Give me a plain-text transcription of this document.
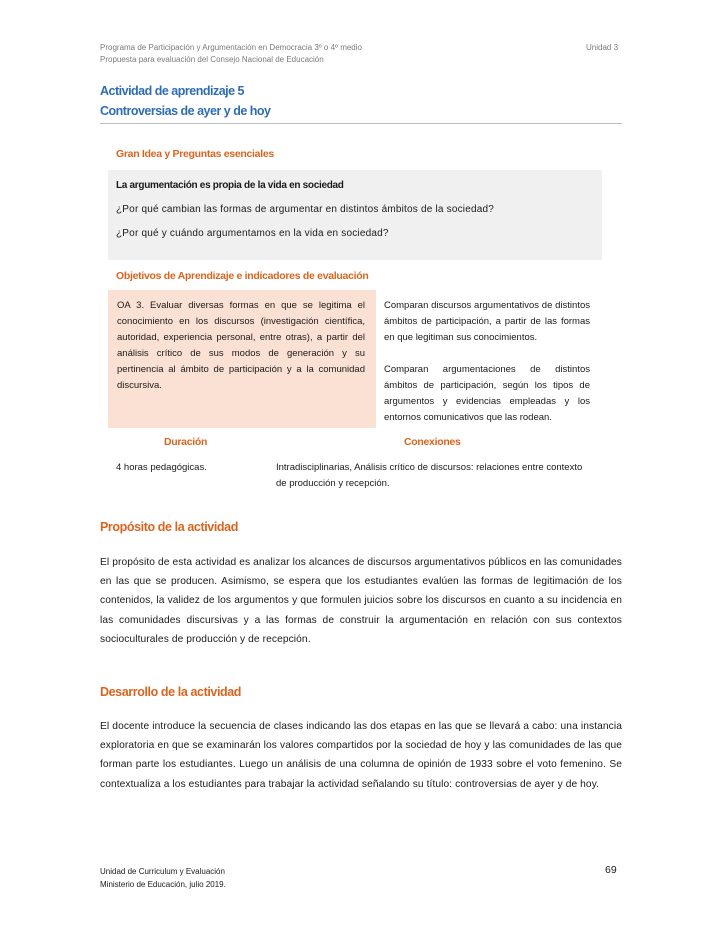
Programa de Participación y Argumentación en Democracia 3º o 4º medio
Propuesta para evaluación del Consejo Nacional de Educación
Unidad 3
Actividad de aprendizaje 5
Controversias de ayer y de hoy
Gran Idea y Preguntas esenciales
La argumentación es propia de la vida en sociedad
¿Por qué cambian las formas de argumentar en distintos ámbitos de la sociedad?
¿Por qué y cuándo argumentamos en la vida en sociedad?
Objetivos de Aprendizaje e indicadores de evaluación
OA 3. Evaluar diversas formas en que se legitima el conocimiento en los discursos (investigación científica, autoridad, experiencia personal, entre otras), a partir del análisis crítico de sus modos de generación y su pertinencia al ámbito de participación y a la comunidad discursiva.
Comparan discursos argumentativos de distintos ámbitos de participación, a partir de las formas en que legitiman sus conocimientos.
Comparan argumentaciones de distintos ámbitos de participación, según los tipos de argumentos y evidencias empleadas y los entornos comunicativos que las rodean.
Duración	Conexiones
4 horas pedagógicas.	Intradisciplinarias, Análisis crítico de discursos: relaciones entre contexto de producción y recepción.
Propósito de la actividad
El propósito de esta actividad es analizar los alcances de discursos argumentativos públicos en las comunidades en las que se producen. Asimismo, se espera que los estudiantes evalúen las formas de legitimación de los contenidos, la validez de los argumentos y que formulen juicios sobre los discursos en cuanto a su incidencia en las comunidades discursivas y a las formas de construir la argumentación en relación con sus contextos socioculturales de producción y de recepción.
Desarrollo de la actividad
El docente introduce la secuencia de clases indicando las dos etapas en las que se llevará a cabo: una instancia exploratoria en que se examinarán los valores compartidos por la sociedad de hoy y las comunidades de las que forman parte los estudiantes. Luego un análisis de una columna de opinión de 1933 sobre el voto femenino. Se contextualiza a los estudiantes para trabajar la actividad señalando su título: controversias de ayer y de hoy.
Unidad de Curriculum y Evaluación
Ministerio de Educación, julio 2019.
69
